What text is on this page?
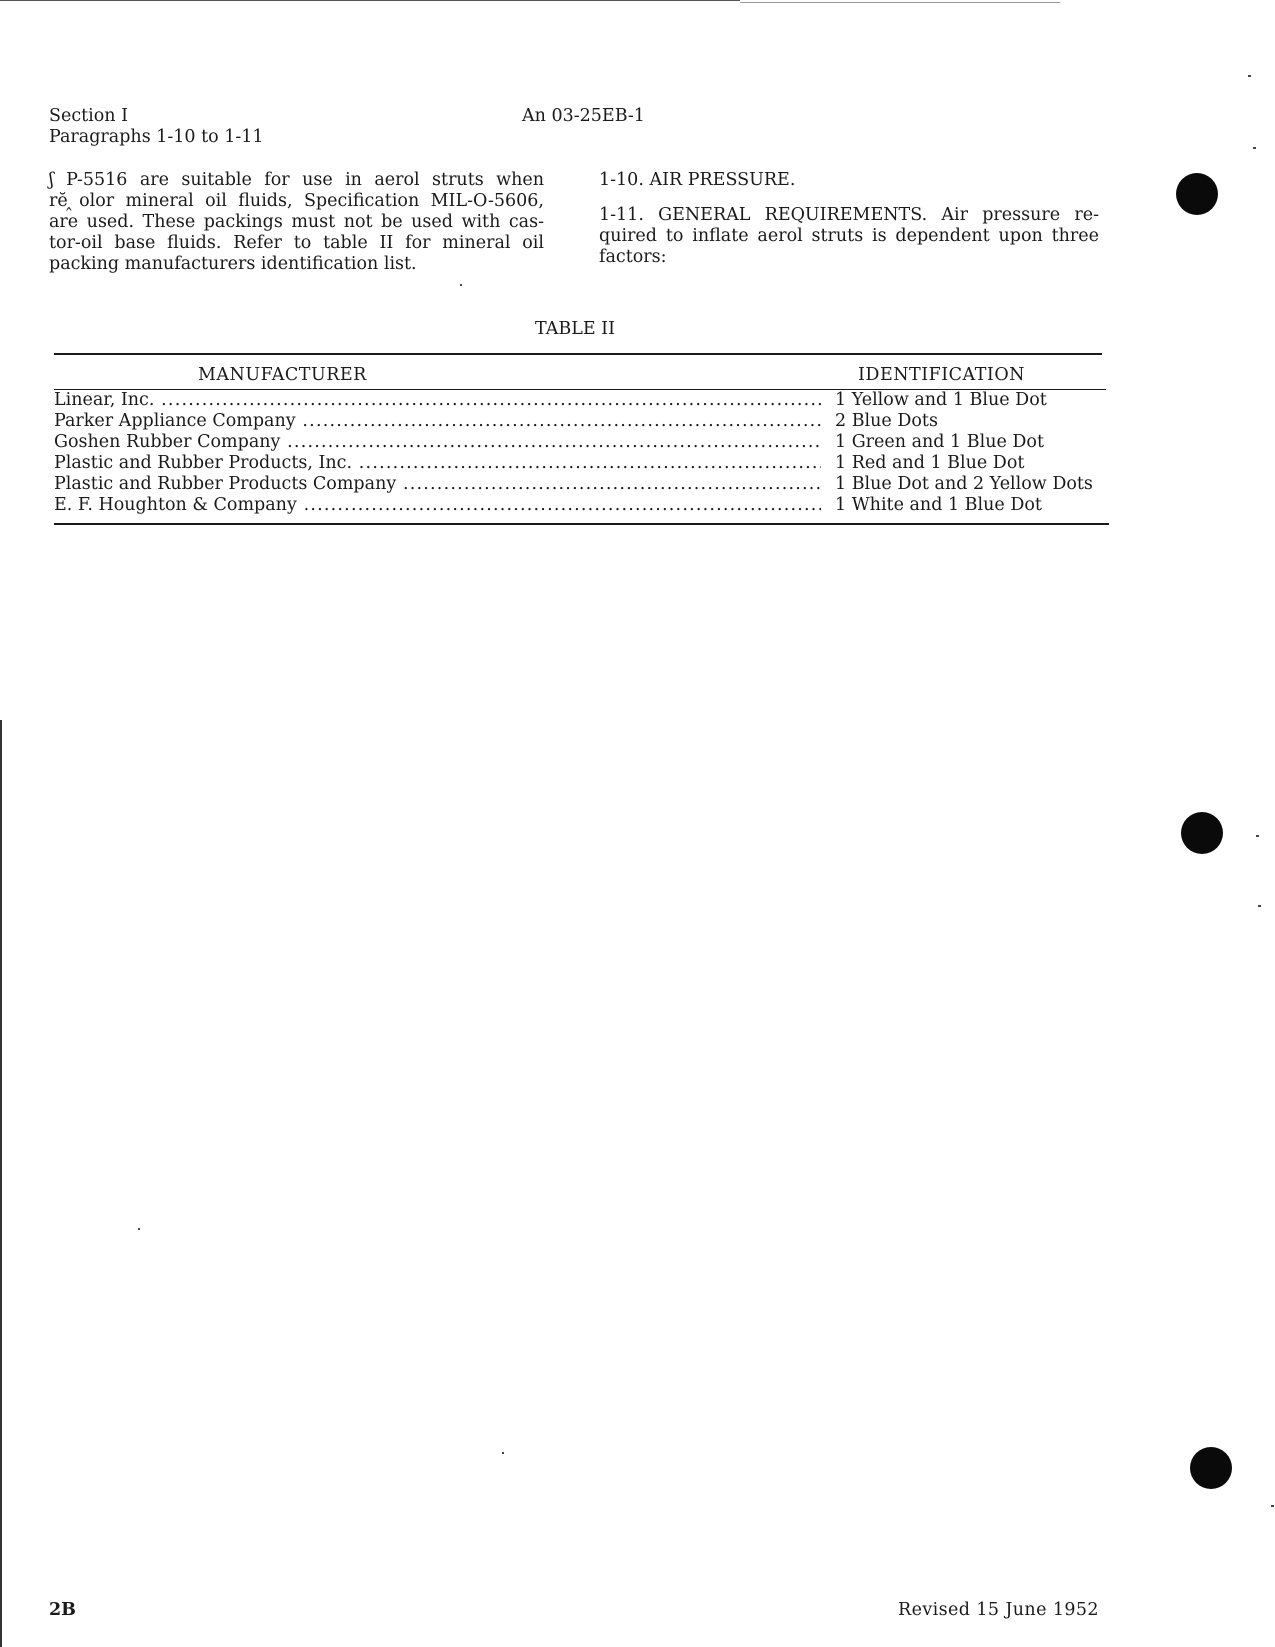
Section I
Paragraphs 1-10 to 1-11
An 03-25EB-1
ʃ P-5516 are suitable for use in aerol struts when
rĕ ̭olor mineral oil fluids, Specification MIL-O-5606,
are used. These packings must not be used with cas-
tor-oil base fluids. Refer to table II for mineral oil
packing manufacturers identification list.

1-10. AIR PRESSURE.

1-11. GENERAL REQUIREMENTS. Air pressure re-
quired to inflate aerol struts is dependent upon three
factors:

TABLE II
MANUFACTURER	IDENTIFICATION
Linear, Inc. .....	1 Yellow and 1 Blue Dot
Parker Appliance Company .....	2 Blue Dots
Goshen Rubber Company .....	1 Green and 1 Blue Dot
Plastic and Rubber Products, Inc. .....	1 Red and 1 Blue Dot
Plastic and Rubber Products Company .....	1 Blue Dot and 2 Yellow Dots
E. F. Houghton & Company .....	1 White and 1 Blue Dot
2B	Revised 15 June 1952
